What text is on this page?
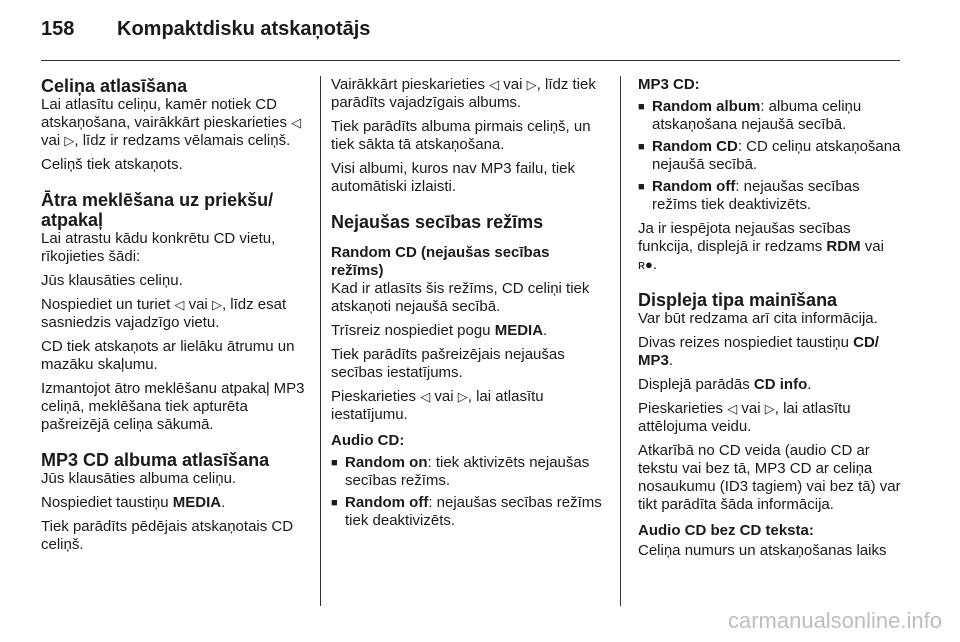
158 Kompaktdisku atskaņotājs
Celiņa atlasīšana

Lai atlasītu celiņu, kamēr notiek CD atskaņošana, vairākkārt pieskarieties ◁ vai ▷, līdz ir redzams vēlamais celiņš.

Celiņš tiek atskaņots.

Ātra meklēšana uz priekšu/ atpakaļ

Lai atrastu kādu konkrētu CD vietu, rīkojieties šādi:

Jūs klausāties celiņu.

Nospiediet un turiet ◁ vai ▷, līdz esat sasniedzis vajadzīgo vietu.

CD tiek atskaņots ar lielāku ātrumu un mazāku skaļumu.

Izmantojot ātro meklēšanu atpakaļ MP3 celiņā, meklēšana tiek apturēta pašreizējā celiņa sākumā.

MP3 CD albuma atlasīšana

Jūs klausāties albuma celiņu.

Nospiediet taustiņu MEDIA.

Tiek parādīts pēdējais atskaņotais CD celiņš.

Vairākkārt pieskarieties ◁ vai ▷, līdz tiek parādīts vajadzīgais albums.

Tiek parādīts albuma pirmais celiņš, un tiek sākta tā atskaņošana.

Visi albumi, kuros nav MP3 failu, tiek automātiski izlaisti.

Nejaušas secības režīms
Random CD (nejaušas secības režīms)

Kad ir atlasīts šis režīms, CD celiņi tiek atskaņoti nejaušā secībā.

Trīsreiz nospiediet pogu MEDIA.

Tiek parādīts pašreizējais nejaušas secības iestatījums.

Pieskarieties ◁ vai ▷, lai atlasītu iestatījumu.

Audio CD:

■ Random on: tiek aktivizēts nejaušas secības režīms.
■ Random off: nejaušas secības režīms tiek deaktivizēts.

MP3 CD:

■ Random album: albuma celiņu atskaņošana nejaušā secībā.
■ Random CD: CD celiņu atskaņošana nejaušā secībā.
■ Random off: nejaušas secības režīms tiek deaktivizēts.

Ja ir iespējota nejaušas secības funkcija, displejā ir redzams RDM vai ʀ●.

Displeja tipa mainīšana

Var būt redzama arī cita informācija.

Divas reizes nospiediet taustiņu CD/ MP3.

Displejā parādās CD info.

Pieskarieties ◁ vai ▷, lai atlasītu attēlojuma veidu.

Atkarībā no CD veida (audio CD ar tekstu vai bez tā, MP3 CD ar celiņa nosaukumu (ID3 tagiem) vai bez tā) var tikt parādīta šāda informācija.

Audio CD bez CD teksta:

Celiņa numurs un atskaņošanas laiks

carmanualsonline.info
